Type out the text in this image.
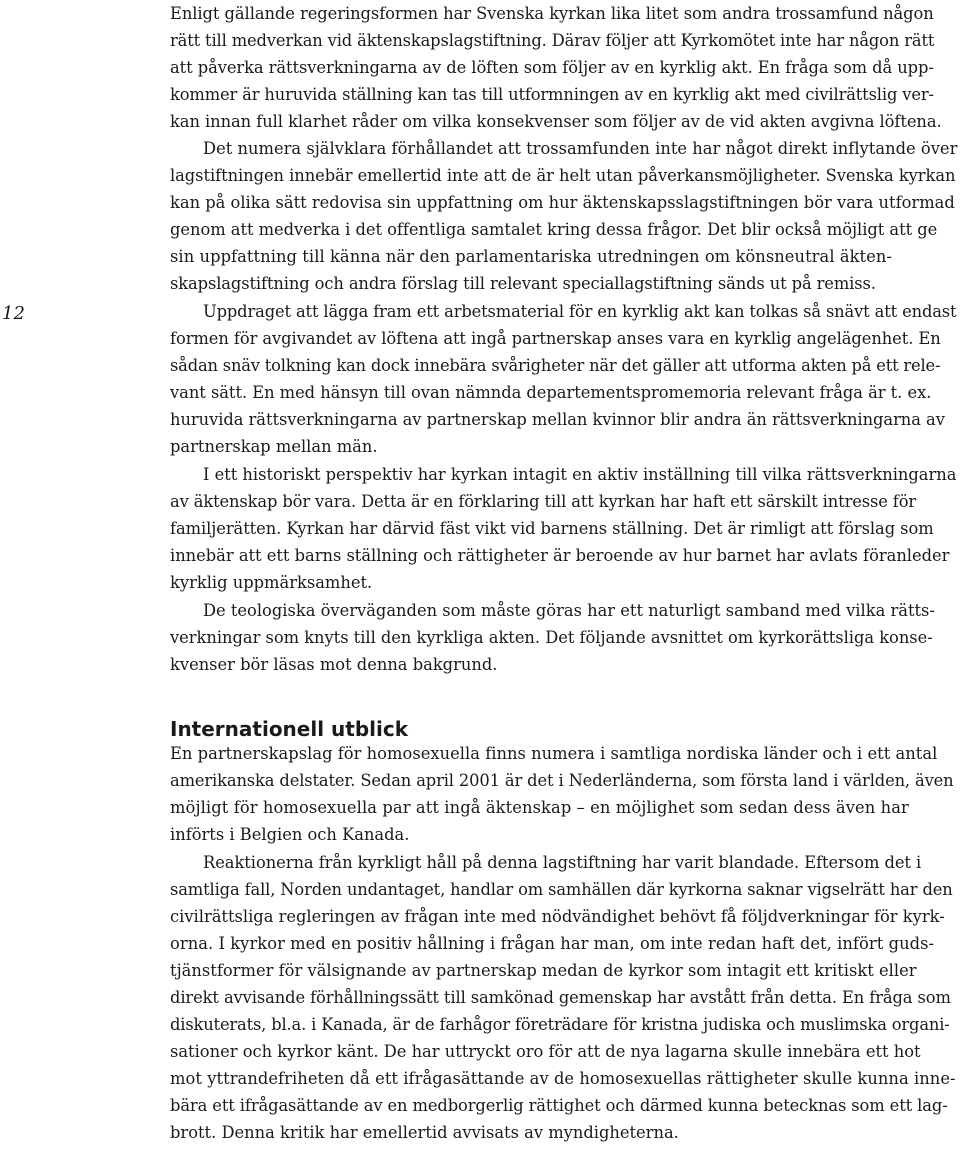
12
Enligt gällande regeringsformen har Svenska kyrkan lika litet som andra trossamfund någon
rätt till medverkan vid äktenskapslagstiftning. Därav följer att Kyrkomötet inte har någon rätt
att påverka rättsverkningarna av de löften som följer av en kyrklig akt. En fråga som då upp-
kommer är huruvida ställning kan tas till utformningen av en kyrklig akt med civilrättslig ver-
kan innan full klarhet råder om vilka konsekvenser som följer av de vid akten avgivna löftena.
Det numera självklara förhållandet att trossamfunden inte har något direkt inflytande över
lagstiftningen innebär emellertid inte att de är helt utan påverkansmöjligheter. Svenska kyrkan
kan på olika sätt redovisa sin uppfattning om hur äktenskapsslagstiftningen bör vara utformad
genom att medverka i det offentliga samtalet kring dessa frågor. Det blir också möjligt att ge
sin uppfattning till känna när den parlamentariska utredningen om könsneutral äkten-
skapslagstiftning och andra förslag till relevant speciallagstiftning sänds ut på remiss.
Uppdraget att lägga fram ett arbetsmaterial för en kyrklig akt kan tolkas så snävt att endast
formen för avgivandet av löftena att ingå partnerskap anses vara en kyrklig angelägenhet. En
sådan snäv tolkning kan dock innebära svårigheter när det gäller att utforma akten på ett rele-
vant sätt. En med hänsyn till ovan nämnda departementspromemoria relevant fråga är t. ex.
huruvida rättsverkningarna av partnerskap mellan kvinnor blir andra än rättsverkningarna av
partnerskap mellan män.
I ett historiskt perspektiv har kyrkan intagit en aktiv inställning till vilka rättsverkningarna
av äktenskap bör vara. Detta är en förklaring till att kyrkan har haft ett särskilt intresse för
familjerätten. Kyrkan har därvid fäst vikt vid barnens ställning. Det är rimligt att förslag som
innebär att ett barns ställning och rättigheter är beroende av hur barnet har avlats föranleder
kyrklig uppmärksamhet.
De teologiska överväganden som måste göras har ett naturligt samband med vilka rätts-
verkningar som knyts till den kyrkliga akten. Det följande avsnittet om kyrkorättsliga konse-
kvenser bör läsas mot denna bakgrund.
En partnerskapslag för homosexuella finns numera i samtliga nordiska länder och i ett antal
amerikanska delstater. Sedan april 2001 är det i Nederländerna, som första land i världen, även
möjligt för homosexuella par att ingå äktenskap – en möjlighet som sedan dess även har
införts i Belgien och Kanada.
Reaktionerna från kyrkligt håll på denna lagstiftning har varit blandade. Eftersom det i
samtliga fall, Norden undantaget, handlar om samhällen där kyrkorna saknar vigselrätt har den
civilrättsliga regleringen av frågan inte med nödvändighet behövt få följdverkningar för kyrk-
orna. I kyrkor med en positiv hållning i frågan har man, om inte redan haft det, infört guds-
tjänstformer för välsignande av partnerskap medan de kyrkor som intagit ett kritiskt eller
direkt avvisande förhållningssätt till samkönad gemenskap har avstått från detta. En fråga som
diskuterats, bl.a. i Kanada, är de farhågor företrädare för kristna judiska och muslimska organi-
sationer och kyrkor känt. De har uttryckt oro för att de nya lagarna skulle innebära ett hot
mot yttrandefriheten då ett ifrågasättande av de homosexuellas rättigheter skulle kunna inne-
bära ett ifrågasättande av en medborgerlig rättighet och därmed kunna betecknas som ett lag-
brott. Denna kritik har emellertid avvisats av myndigheterna.
Internationell utblick
